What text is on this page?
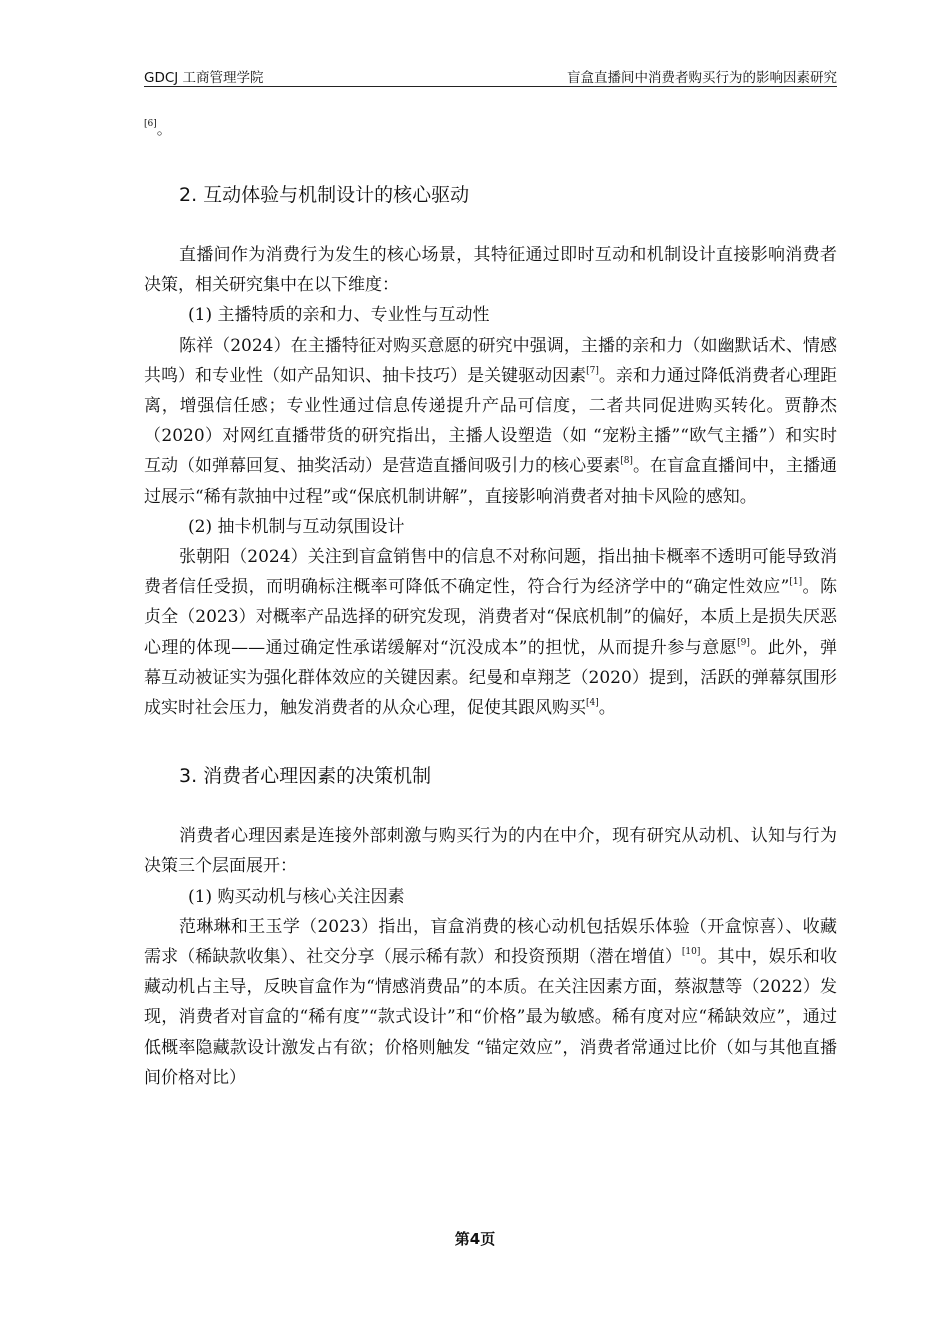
GDCJ 工商管理学院	盲盒直播间中消费者购买行为的影响因素研究

[6]。

2. 互动体验与机制设计的核心驱动

直播间作为消费行为发生的核心场景，其特征通过即时互动和机制设计直接影响消费者决策，相关研究集中在以下维度：

(1) 主播特质的亲和力、专业性与互动性

陈祥（2024）在主播特征对购买意愿的研究中强调，主播的亲和力（如幽默话术、情感共鸣）和专业性（如产品知识、抽卡技巧）是关键驱动因素[7]。亲和力通过降低消费者心理距离，增强信任感；专业性通过信息传递提升产品可信度，二者共同促进购买转化。贾静杰（2020）对网红直播带货的研究指出，主播人设塑造（如 “宠粉主播”“欧气主播”）和实时互动（如弹幕回复、抽奖活动）是营造直播间吸引力的核心要素[8]。在盲盒直播间中，主播通过展示“稀有款抽中过程”或“保底机制讲解”，直接影响消费者对抽卡风险的感知。

(2) 抽卡机制与互动氛围设计

张朝阳（2024）关注到盲盒销售中的信息不对称问题，指出抽卡概率不透明可能导致消费者信任受损，而明确标注概率可降低不确定性，符合行为经济学中的“确定性效应”[1]。陈贞全（2023）对概率产品选择的研究发现，消费者对“保底机制”的偏好，本质上是损失厌恶心理的体现——通过确定性承诺缓解对“沉没成本”的担忧，从而提升参与意愿[9]。此外，弹幕互动被证实为强化群体效应的关键因素。纪曼和卓翔芝（2020）提到，活跃的弹幕氛围形成实时社会压力，触发消费者的从众心理，促使其跟风购买[4]。

3. 消费者心理因素的决策机制

消费者心理因素是连接外部刺激与购买行为的内在中介，现有研究从动机、认知与行为决策三个层面展开：

(1) 购买动机与核心关注因素

范琳琳和王玉学（2023）指出，盲盒消费的核心动机包括娱乐体验（开盒惊喜）、收藏需求（稀缺款收集）、社交分享（展示稀有款）和投资预期（潜在增值）[10]。其中，娱乐和收藏动机占主导，反映盲盒作为“情感消费品”的本质。在关注因素方面，蔡淑慧等（2022）发现，消费者对盲盒的“稀有度”“款式设计”和“价格”最为敏感。稀有度对应“稀缺效应”，通过低概率隐藏款设计激发占有欲；价格则触发 “锚定效应”，消费者常通过比价（如与其他直播间价格对比）

第4页
